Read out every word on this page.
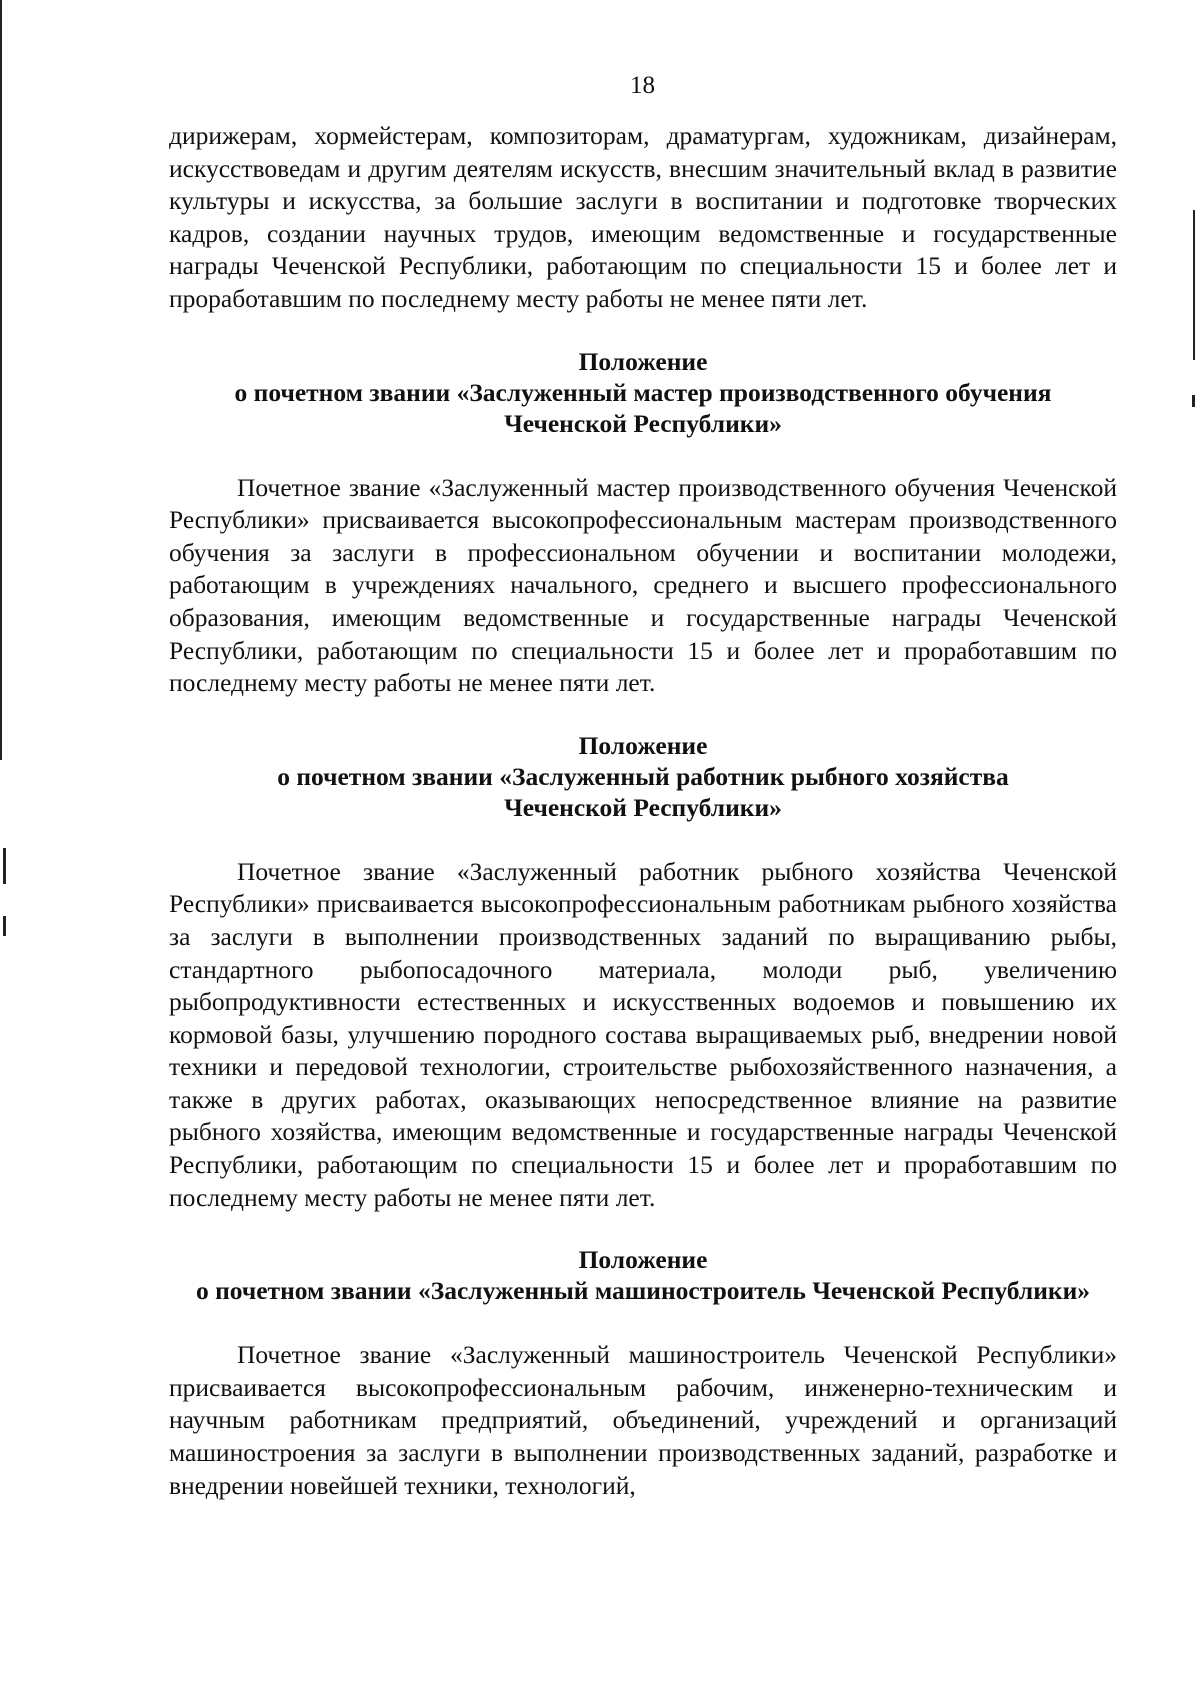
18

дирижерам, хормейстерам, композиторам, драматургам, художникам, дизайнерам, искусствоведам и другим деятелям искусств, внесшим значительный вклад в развитие культуры и искусства, за большие заслуги в воспитании и подготовке творческих кадров, создании научных трудов, имеющим ведомственные и государственные награды Чеченской Республики, работающим по специальности 15 и более лет и проработавшим по последнему месту работы не менее пяти лет.

Положение
о почетном звании «Заслуженный мастер производственного обучения
Чеченской Республики»

Почетное звание «Заслуженный мастер производственного обучения Чеченской Республики» присваивается высокопрофессиональным мастерам производственного обучения за заслуги в профессиональном обучении и воспитании молодежи, работающим в учреждениях начального, среднего и высшего профессионального образования, имеющим ведомственные и государственные награды Чеченской Республики, работающим по специальности 15 и более лет и проработавшим по последнему месту работы не менее пяти лет.

Положение
о почетном звании «Заслуженный работник рыбного хозяйства
Чеченской Республики»

Почетное звание «Заслуженный работник рыбного хозяйства Чеченской Республики» присваивается высокопрофессиональным работникам рыбного хозяйства за заслуги в выполнении производственных заданий по выращиванию рыбы, стандартного рыбопосадочного материала, молоди рыб, увеличению рыбопродуктивности естественных и искусственных водоемов и повышению их кормовой базы, улучшению породного состава выращиваемых рыб, внедрении новой техники и передовой технологии, строительстве рыбохозяйственного назначения, а также в других работах, оказывающих непосредственное влияние на развитие рыбного хозяйства, имеющим ведомственные и государственные награды Чеченской Республики, работающим по специальности 15 и более лет и проработавшим по последнему месту работы не менее пяти лет.

Положение
о почетном звании «Заслуженный машиностроитель Чеченской Республики»

Почетное звание «Заслуженный машиностроитель Чеченской Республики» присваивается высокопрофессиональным рабочим, инженерно-техническим и научным работникам предприятий, объединений, учреждений и организаций машиностроения за заслуги в выполнении производственных заданий, разработке и внедрении новейшей техники, технологий,
